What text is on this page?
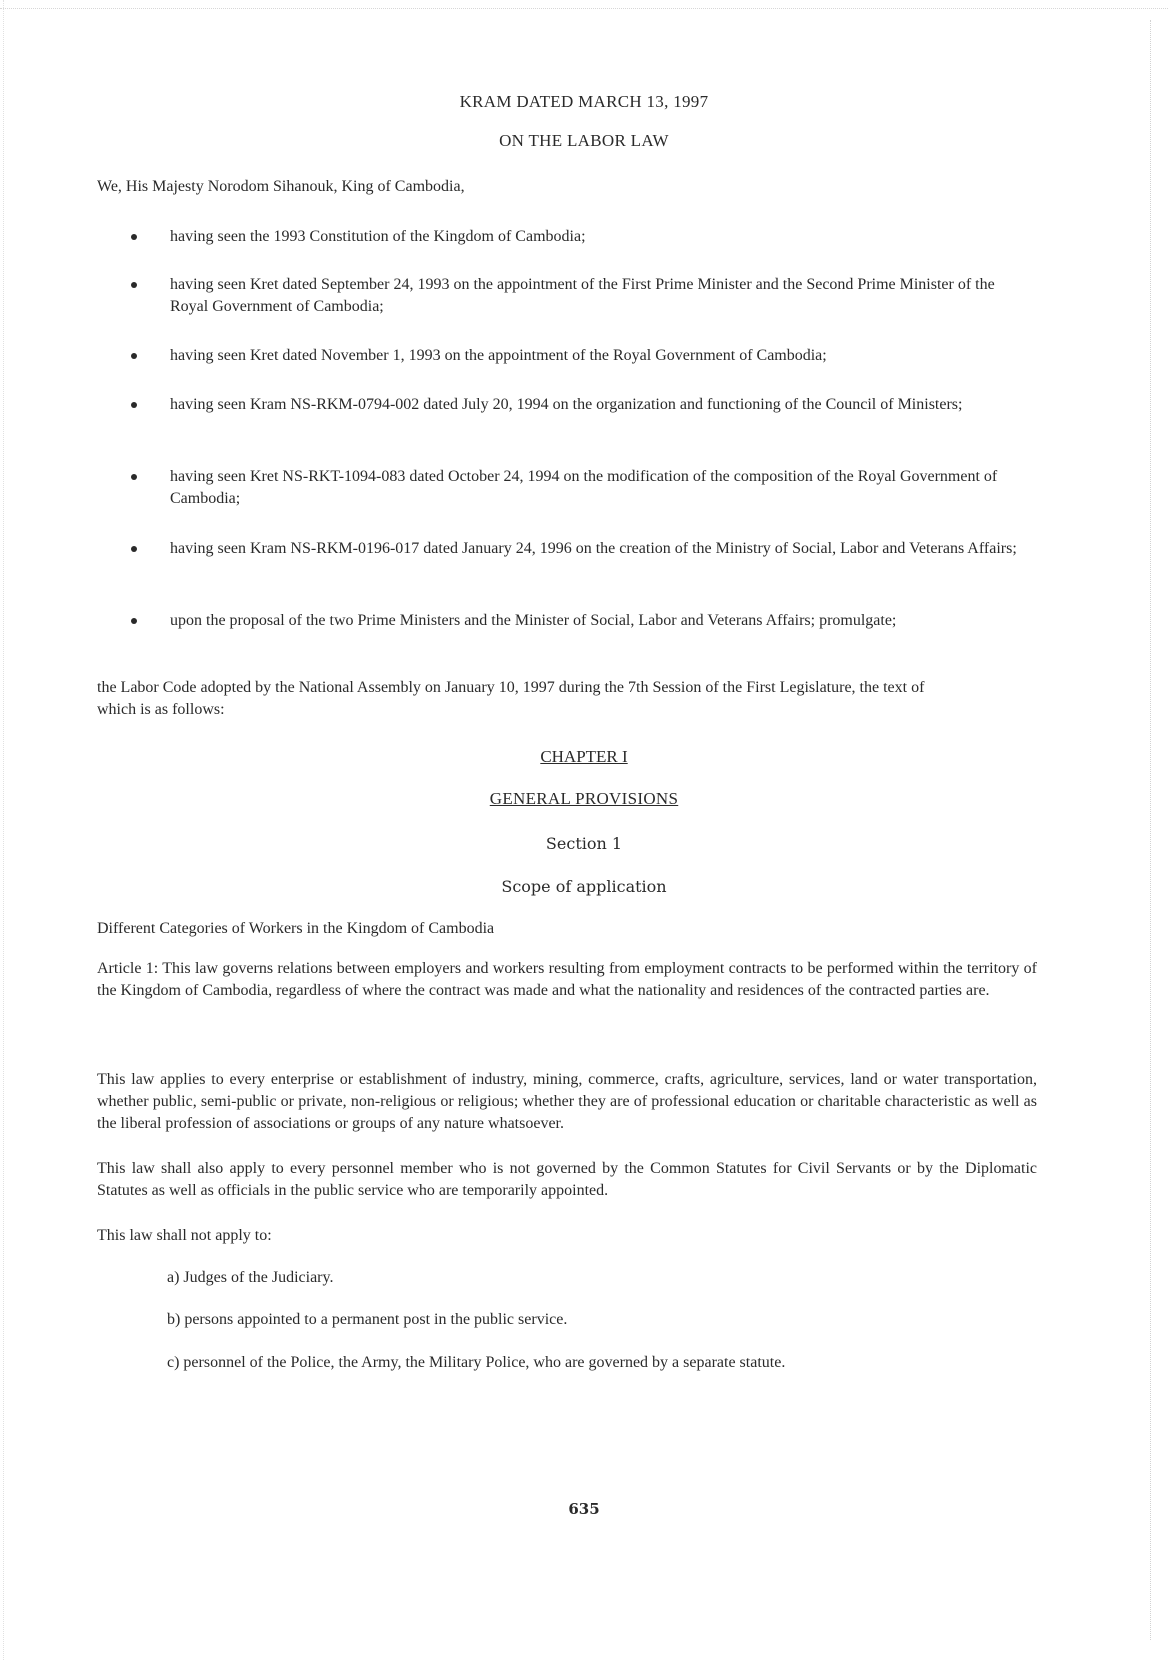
KRAM DATED MARCH 13, 1997

ON THE LABOR LAW

We, His Majesty Norodom Sihanouk, King of Cambodia,

having seen the 1993 Constitution of the Kingdom of Cambodia;
having seen Kret dated September 24, 1993 on the appointment of the First Prime Minister and the Second Prime Minister of the Royal Government of Cambodia;
having seen Kret dated November 1, 1993 on the appointment of the Royal Government of Cambodia;
having seen Kram NS-RKM-0794-002 dated July 20, 1994 on the organization and functioning of the Council of Ministers;
having seen Kret NS-RKT-1094-083 dated October 24, 1994 on the modification of the composition of the Royal Government of Cambodia;
having seen Kram NS-RKM-0196-017 dated January 24, 1996 on the creation of the Ministry of Social, Labor and Veterans Affairs;
upon the proposal of the two Prime Ministers and the Minister of Social, Labor and Veterans Affairs; promulgate;

the Labor Code adopted by the National Assembly on January 10, 1997 during the 7th Session of the First Legislature, the text of which is as follows:

CHAPTER I

GENERAL PROVISIONS

Section 1

Scope of application

Different Categories of Workers in the Kingdom of Cambodia

Article 1: This law governs relations between employers and workers resulting from employment contracts to be performed within the territory of the Kingdom of Cambodia, regardless of where the contract was made and what the nationality and residences of the contracted parties are.

This law applies to every enterprise or establishment of industry, mining, commerce, crafts, agriculture, services, land or water transportation, whether public, semi-public or private, non-religious or religious; whether they are of professional education or charitable characteristic as well as the liberal profession of associations or groups of any nature whatsoever.

This law shall also apply to every personnel member who is not governed by the Common Statutes for Civil Servants or by the Diplomatic Statutes as well as officials in the public service who are temporarily appointed.

This law shall not apply to:

a) Judges of the Judiciary.

b) persons appointed to a permanent post in the public service.

c) personnel of the Police, the Army, the Military Police, who are governed by a separate statute.

635
